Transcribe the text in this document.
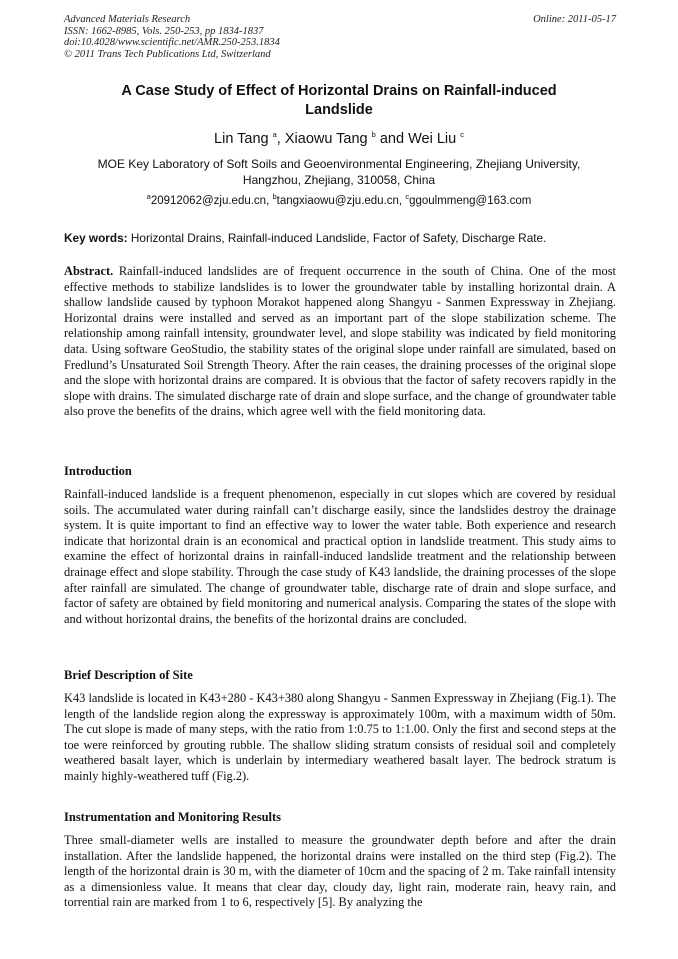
Advanced Materials Research
ISSN: 1662-8985, Vols. 250-253, pp 1834-1837
doi:10.4028/www.scientific.net/AMR.250-253.1834
© 2011 Trans Tech Publications Ltd, Switzerland
Online: 2011-05-17
A Case Study of Effect of Horizontal Drains on Rainfall-induced
Landslide
Lin Tang $^a$, Xiaowu Tang $^b$ and Wei Liu $^c$
MOE Key Laboratory of Soft Soils and Geoenvironmental Engineering, Zhejiang University,
Hangzhou, Zhejiang, 310058, China
$^a$20912062@zju.edu.cn, $^b$tangxiaowu@zju.edu.cn, $^c$ggoulmmeng@163.com
Key words: Horizontal Drains, Rainfall-induced Landslide, Factor of Safety, Discharge Rate.

Abstract. Rainfall-induced landslides are of frequent occurrence in the south of China. One of the most effective methods to stabilize landslides is to lower the groundwater table by installing horizontal drain. A shallow landslide caused by typhoon Morakot happened along Shangyu - Sanmen Expressway in Zhejiang. Horizontal drains were installed and served as an important part of the slope stabilization scheme. The relationship among rainfall intensity, groundwater level, and slope stability was indicated by field monitoring data. Using software GeoStudio, the stability states of the original slope under rainfall are simulated, based on Fredlund’s Unsaturated Soil Strength Theory. After the rain ceases, the draining processes of the original slope and the slope with horizontal drains are compared. It is obvious that the factor of safety recovers rapidly in the slope with drains. The simulated discharge rate of drain and slope surface, and the change of groundwater table also prove the benefits of the drains, which agree well with the field monitoring data.

Introduction

Rainfall-induced landslide is a frequent phenomenon, especially in cut slopes which are covered by residual soils. The accumulated water during rainfall can’t discharge easily, since the landslides destroy the drainage system. It is quite important to find an effective way to lower the water table. Both experience and research indicate that horizontal drain is an economical and practical option in landslide treatment. This study aims to examine the effect of horizontal drains in rainfall-induced landslide treatment and the relationship between drainage effect and slope stability. Through the case study of K43 landslide, the draining processes of the slope after rainfall are simulated. The change of groundwater table, discharge rate of drain and slope surface, and factor of safety are obtained by field monitoring and numerical analysis. Comparing the states of the slope with and without horizontal drains, the benefits of the horizontal drains are concluded.

Brief Description of Site

K43 landslide is located in K43+280 - K43+380 along Shangyu - Sanmen Expressway in Zhejiang (Fig.1). The length of the landslide region along the expressway is approximately 100m, with a maximum width of 50m. The cut slope is made of many steps, with the ratio from 1:0.75 to 1:1.00. Only the first and second steps at the toe were reinforced by grouting rubble. The shallow sliding stratum consists of residual soil and completely weathered basalt layer, which is underlain by intermediary weathered basalt layer. The bedrock stratum is mainly highly-weathered tuff (Fig.2).

Instrumentation and Monitoring Results

Three small-diameter wells are installed to measure the groundwater depth before and after the drain installation. After the landslide happened, the horizontal drains were installed on the third step (Fig.2). The length of the horizontal drain is 30 m, with the diameter of 10cm and the spacing of 2 m. Take rainfall intensity as a dimensionless value. It means that clear day, cloudy day, light rain, moderate rain, heavy rain, and torrential rain are marked from 1 to 6, respectively [5]. By analyzing the
